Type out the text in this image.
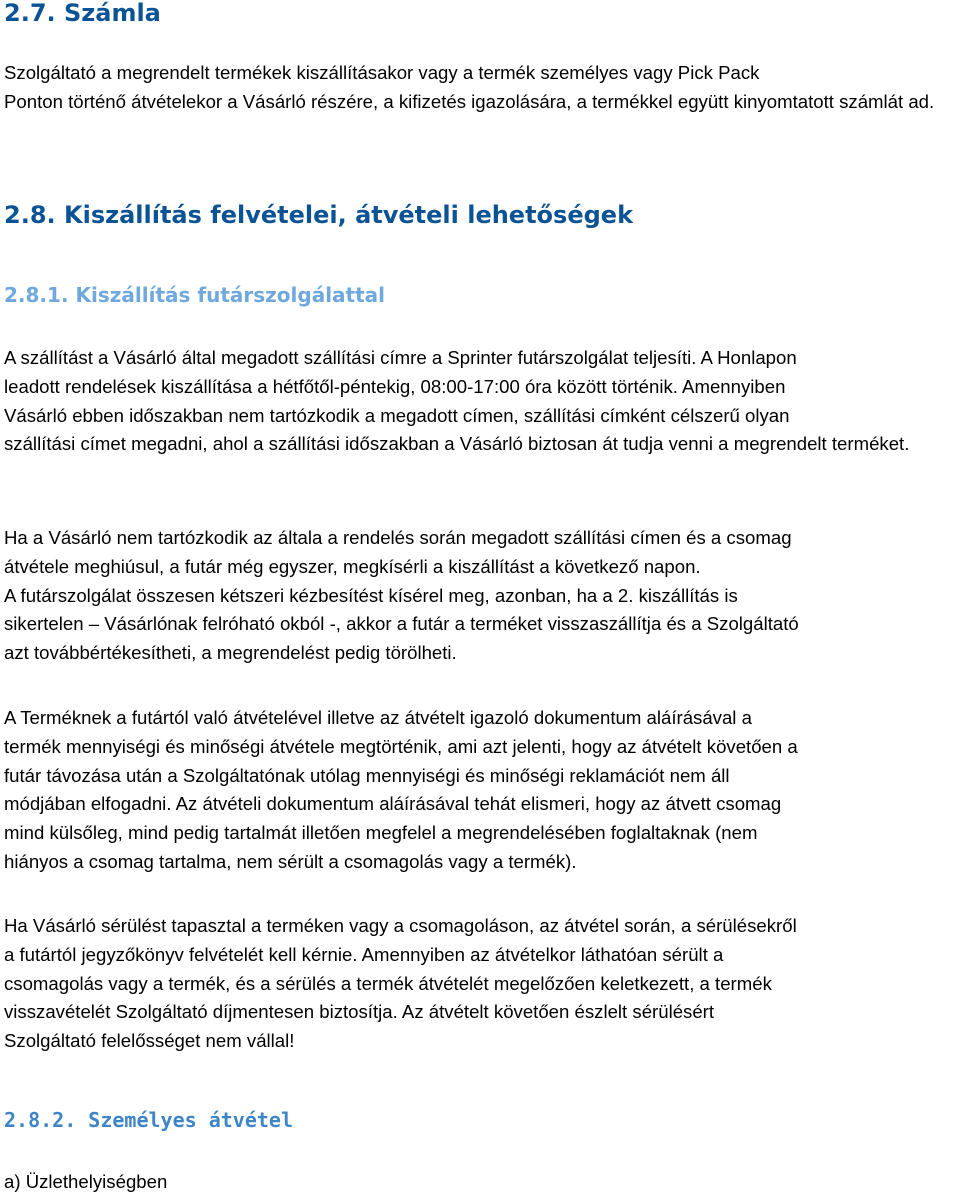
2.7. Számla
Szolgáltató a megrendelt termékek kiszállításakor vagy a termék személyes vagy Pick Pack Ponton történő átvételekor a Vásárló részére, a kifizetés igazolására, a termékkel együtt kinyomtatott számlát ad.
2.8. Kiszállítás felvételei, átvételi lehetőségek
2.8.1. Kiszállítás futárszolgálattal
A szállítást a Vásárló által megadott szállítási címre a Sprinter futárszolgálat teljesíti. A Honlapon leadott rendelések kiszállítása a hétfőtől-péntekig, 08:00-17:00 óra között történik. Amennyiben Vásárló ebben időszakban nem tartózkodik a megadott címen, szállítási címként célszerű olyan szállítási címet megadni, ahol a szállítási időszakban a Vásárló biztosan át tudja venni a megrendelt terméket.
Ha a Vásárló nem tartózkodik az általa a rendelés során megadott szállítási címen és a csomag átvétele meghiúsul, a futár még egyszer, megkísérli a kiszállítást a következő napon. A futárszolgálat összesen kétszeri kézbesítést kísérel meg, azonban, ha a 2. kiszállítás is sikertelen – Vásárlónak felróható okból -, akkor a futár a terméket visszaszállítja és a Szolgáltató azt továbbértékesítheti, a megrendelést pedig törölheti.
A Terméknek a futártól való átvételével illetve az átvételt igazoló dokumentum aláírásával a termék mennyiségi és minőségi átvétele megtörténik, ami azt jelenti, hogy az átvételt követően a futár távozása után a Szolgáltatónak utólag mennyiségi és minőségi reklamációt nem áll módjában elfogadni. Az átvételi dokumentum aláírásával tehát elismeri, hogy az átvett csomag mind külsőleg, mind pedig tartalmát illetően megfelel a megrendelésében foglaltaknak (nem hiányos a csomag tartalma, nem sérült a csomagolás vagy a termék).
Ha Vásárló sérülést tapasztal a terméken vagy a csomagoláson, az átvétel során, a sérülésekről a futártól jegyzőkönyv felvételét kell kérnie. Amennyiben az átvételkor láthatóan sérült a csomagolás vagy a termék, és a sérülés a termék átvételét megelőzően keletkezett, a termék visszavételét Szolgáltató díjmentesen biztosítja. Az átvételt követően észlelt sérülésért Szolgáltató felelősséget nem vállal!
2.8.2. Személyes átvétel
a) Üzlethelyiségben
